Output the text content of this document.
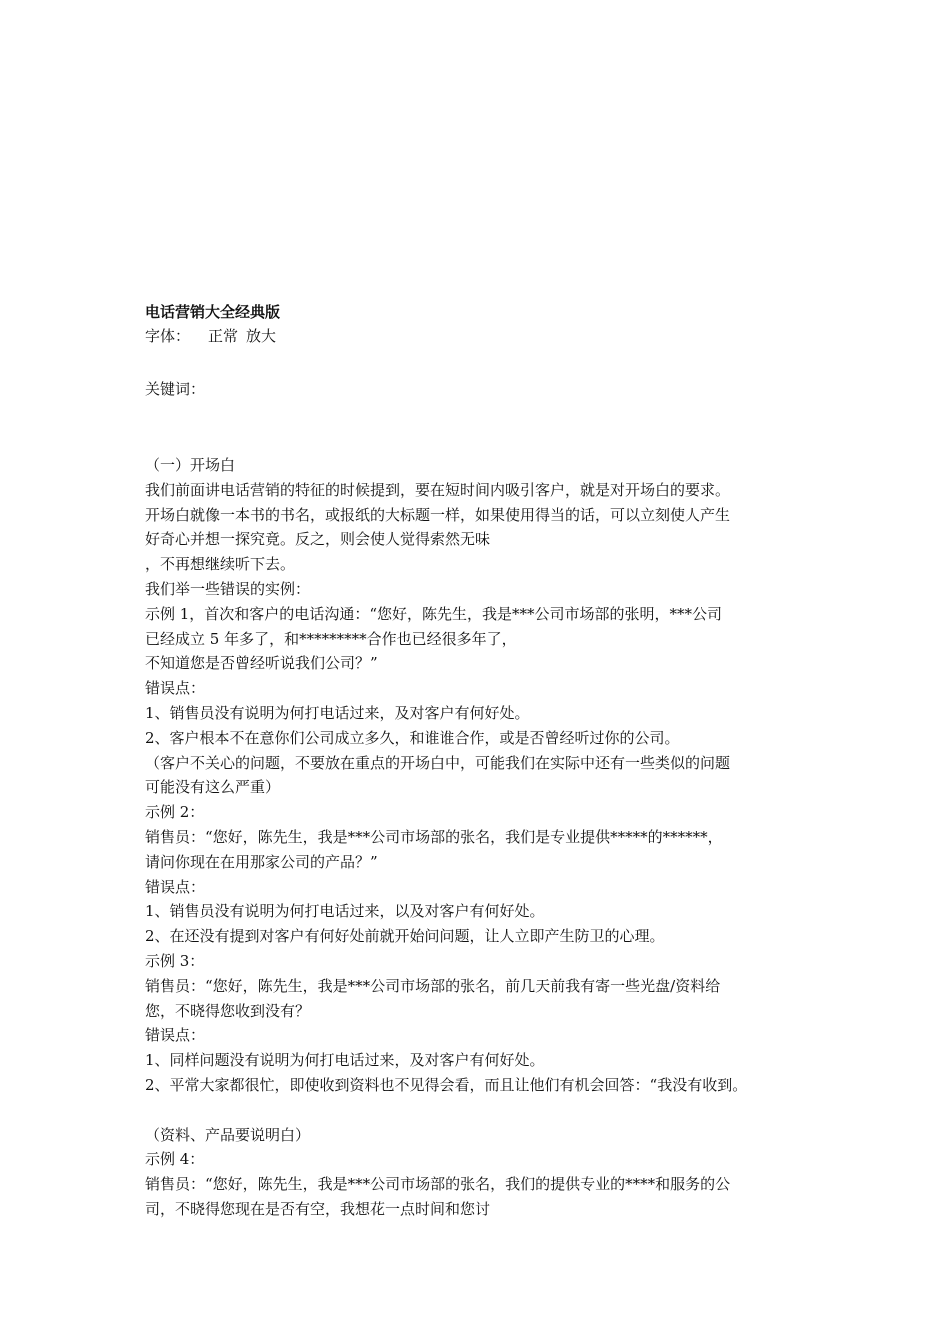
电话营销大全经典版
字体： 正常 放大
关键词：
（一）开场白
我们前面讲电话营销的特征的时候提到，要在短时间内吸引客户，就是对开场白的要求。
开场白就像一本书的书名，或报纸的大标题一样，如果使用得当的话，可以立刻使人产生
好奇心并想一探究竟。反之，则会使人觉得索然无味
，不再想继续听下去。
我们举一些错误的实例：
示例 1，首次和客户的电话沟通：“您好，陈先生，我是***公司市场部的张明，***公司
已经成立 5 年多了，和*********合作也已经很多年了，
不知道您是否曾经听说我们公司？”
错误点：
1、销售员没有说明为何打电话过来，及对客户有何好处。
2、客户根本不在意你们公司成立多久，和谁谁合作，或是否曾经听过你的公司。
（客户不关心的问题，不要放在重点的开场白中，可能我们在实际中还有一些类似的问题
可能没有这么严重）
示例 2：
销售员：“您好，陈先生，我是***公司市场部的张名，我们是专业提供*****的******，
请问你现在在用那家公司的产品？”
错误点：
1、销售员没有说明为何打电话过来，以及对客户有何好处。
2、在还没有提到对客户有何好处前就开始问问题，让人立即产生防卫的心理。
示例 3：
销售员：“您好，陈先生，我是***公司市场部的张名，前几天前我有寄一些光盘/资料给
您，不晓得您收到没有？
错误点：
1、同样问题没有说明为何打电话过来，及对客户有何好处。
2、平常大家都很忙，即使收到资料也不见得会看，而且让他们有机会回答：“我没有收到。
（资料、产品要说明白）
示例 4：
销售员：“您好，陈先生，我是***公司市场部的张名，我们的提供专业的****和服务的公
司，不晓得您现在是否有空，我想花一点时间和您讨
